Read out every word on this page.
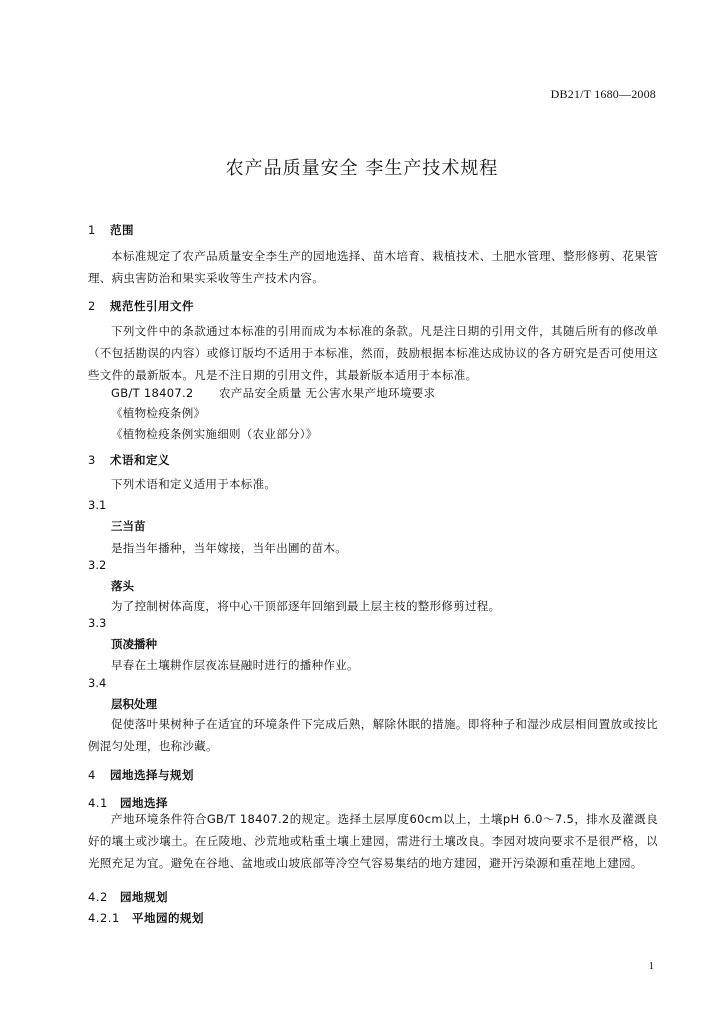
DB21/T 1680—2008
农产品质量安全 李生产技术规程
1 范围
本标准规定了农产品质量安全李生产的园地选择、苗木培育、栽植技术、土肥水管理、整形修剪、花果管理、病虫害防治和果实采收等生产技术内容。
2 规范性引用文件
下列文件中的条款通过本标准的引用而成为本标准的条款。凡是注日期的引用文件，其随后所有的修改单（不包括勘误的内容）或修订版均不适用于本标准，然而，鼓励根据本标准达成协议的各方研究是否可使用这些文件的最新版本。凡是不注日期的引用文件，其最新版本适用于本标准。
GB/T 18407.2 农产品安全质量 无公害水果产地环境要求
《植物检疫条例》
《植物检疫条例实施细则（农业部分）》
3 术语和定义
下列术语和定义适用于本标准。
3.1
三当苗
是指当年播种，当年嫁接，当年出圃的苗木。
3.2
落头
为了控制树体高度，将中心干顶部逐年回缩到最上层主枝的整形修剪过程。
3.3
顶凌播种
早春在土壤耕作层夜冻昼融时进行的播种作业。
3.4
层积处理
促使落叶果树种子在适宜的环境条件下完成后熟，解除休眠的措施。即将种子和湿沙成层相间置放或按比例混匀处理，也称沙藏。
4 园地选择与规划
4.1 园地选择
产地环境条件符合GB/T 18407.2的规定。选择土层厚度60cm以上，土壤pH 6.0～7.5，排水及灌溉良好的壤土或沙壤土。在丘陵地、沙荒地或粘重土壤上建园，需进行土壤改良。李园对坡向要求不是很严格，以光照充足为宜。避免在谷地、盆地或山坡底部等冷空气容易集结的地方建园，避开污染源和重茬地上建园。
4.2 园地规划
4.2.1 平地园的规划
1
